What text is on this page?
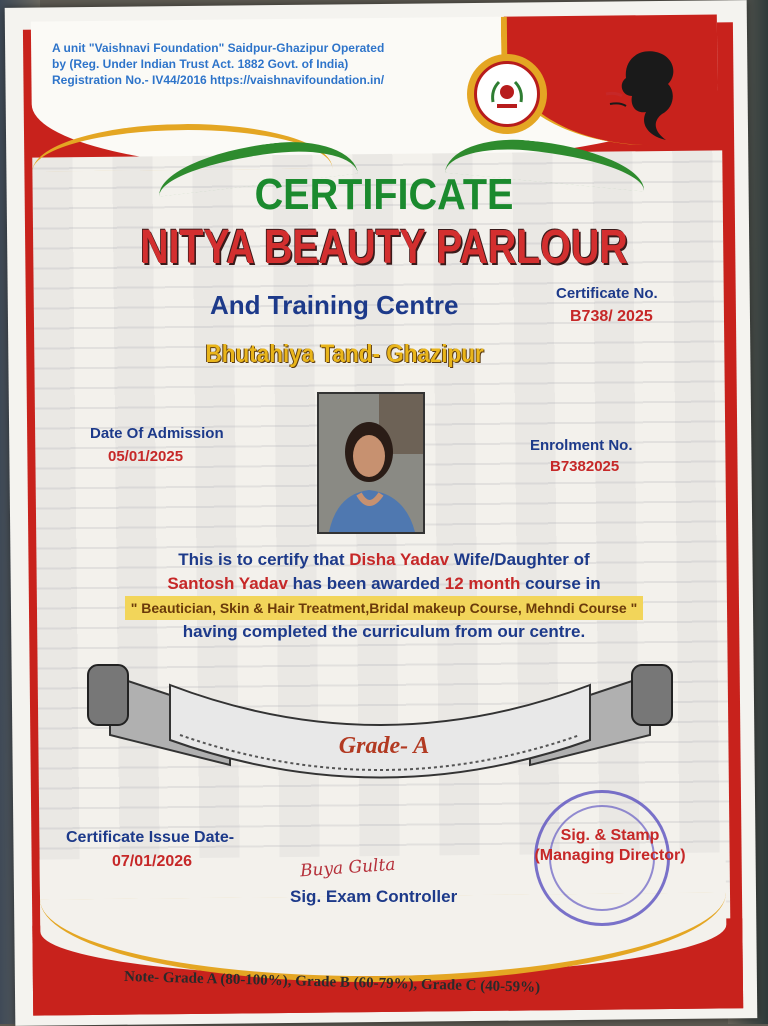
A unit "Vaishnavi Foundation" Saidpur-Ghazipur Operated
by (Reg. Under Indian Trust Act. 1882 Govt. of India)
Registration No.- IV44/2016 https://vaishnavifoundation.in/
CERTIFICATE
NITYA BEAUTY PARLOUR
And Training Centre	Certificate No.
B738/ 2025
Bhutahiya Tand- Ghazipur
Date Of Admission
05/01/2025
Enrolment No.
B7382025
This is to certify that Disha Yadav Wife/Daughter of
Santosh Yadav has been awarded 12 month course in

" Beautician, Skin & Hair Treatment,Bridal makeup Course, Mehndi Course "
having completed the curriculum from our centre.
Grade- A
Certificate Issue Date-
07/01/2026	Buya Gulta
Sig. Exam Controller
Sig. & Stamp
(Managing Director)
Note- Grade A (80-100%), Grade B (60-79%), Grade C (40-59%)
